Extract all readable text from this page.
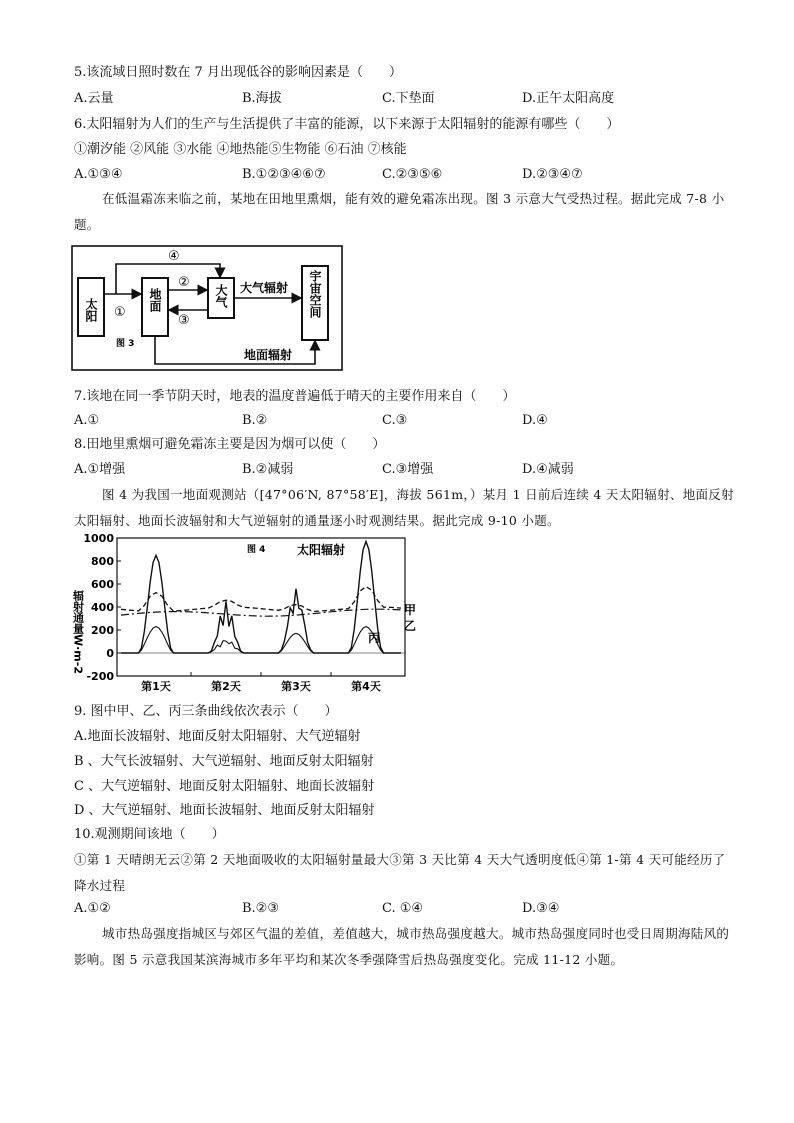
5.该流域日照时数在 7 月出现低谷的影响因素是（　　）
A.云量	B.海拔	C.下垫面	D.正午太阳高度
6.太阳辐射为人们的生产与生活提供了丰富的能源，以下来源于太阳辐射的能源有哪些（　　）
①潮汐能 ②风能 ③水能 ④地热能⑤生物能 ⑥石油 ⑦核能
A.①③④	B.①②③④⑥⑦	C.②③⑤⑥	D.②③④⑦
在低温霜冻来临之前，某地在田地里熏烟，能有效的避免霜冻出现。图 3 示意大气受热过程。据此完成 7-8 小题。
太阳	地面	大气	宇宙空间
①
④
②
③
大气辐射
地面辐射
图 3
7.该地在同一季节阴天时，地表的温度普遍低于晴天的主要作用来自（　　）
A.①	B.②	C.③	D.④
8.田地里熏烟可避免霜冻主要是因为烟可以使（　　）
A.①增强	B.②减弱	C.③增强	D.④减弱
图 4 为我国一地面观测站（[47°06′N, 87°58′E]，海拔 561m，）某月 1 日前后连续 4 天太阳辐射、地面反射太阳辐射、地面长波辐射和大气逆辐射的通量逐小时观测结果。据此完成 9-10 小题。
辐射通量W·m-2
1000
800
600
400
200
0
-200
第1天	第2天	第3天	第4天
图 4	太阳辐射
甲
乙
丙
9. 图中甲、乙、丙三条曲线依次表示（　　）
A.地面长波辐射、地面反射太阳辐射、大气逆辐射
B 、大气长波辐射、大气逆辐射、地面反射太阳辐射
C 、大气逆辐射、地面反射太阳辐射、地面长波辐射
D 、大气逆辐射、地面长波辐射、地面反射太阳辐射
10.观测期间该地（　　）
①第 1 天晴朗无云②第 2 天地面吸收的太阳辐射量最大③第 3 天比第 4 天大气透明度低④第 1-第 4 天可能经历了降水过程
A.①②	B.②③	C. ①④	D.③④
城市热岛强度指城区与郊区气温的差值，差值越大，城市热岛强度越大。城市热岛强度同时也受日周期海陆风的影响。图 5 示意我国某滨海城市多年平均和某次冬季强降雪后热岛强度变化。完成 11-12 小题。
